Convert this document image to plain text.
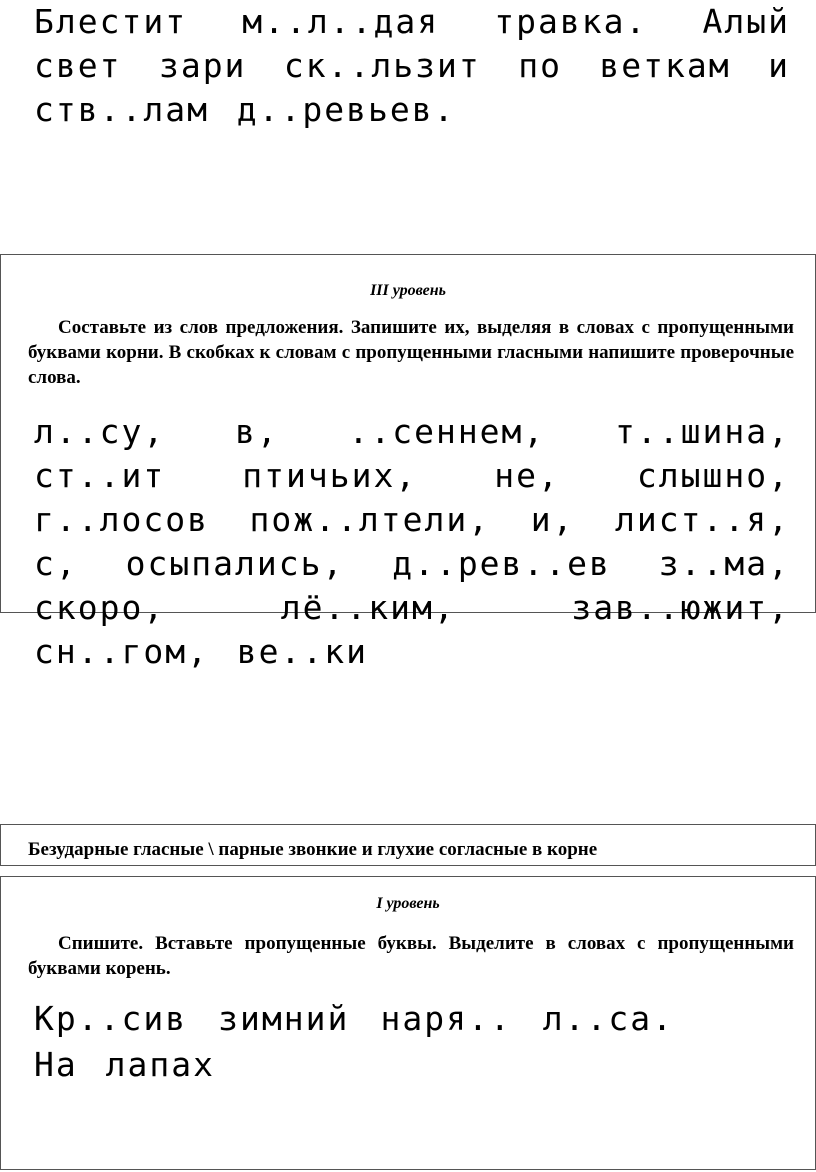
Блестит м..л..дая травка. Алый свет зари ск..льзит по веткам и ств..лам д..ревьев.
III уровень
Составьте из слов предложения. Запишите их, выделяя в словах с пропущенными буквами корни. В скобках к словам с пропущенными гласными напишите проверочные слова.
л..су, в, ..сеннем, т..шина, ст..ит птичьих, не, слышно, г..лосов пож..лтели, и, лист..я, с, осыпались, д..рев..ев з..ма, скоро, лё..ким, зав..южит, сн..гом, ве..ки
Безударные гласные \ парные звонкие и глухие согласные в корне
I уровень
Спишите. Вставьте пропущенные буквы. Выделите в словах с пропущенными буквами корень.
Кр..сив зимний наря.. л..са. На лапах
